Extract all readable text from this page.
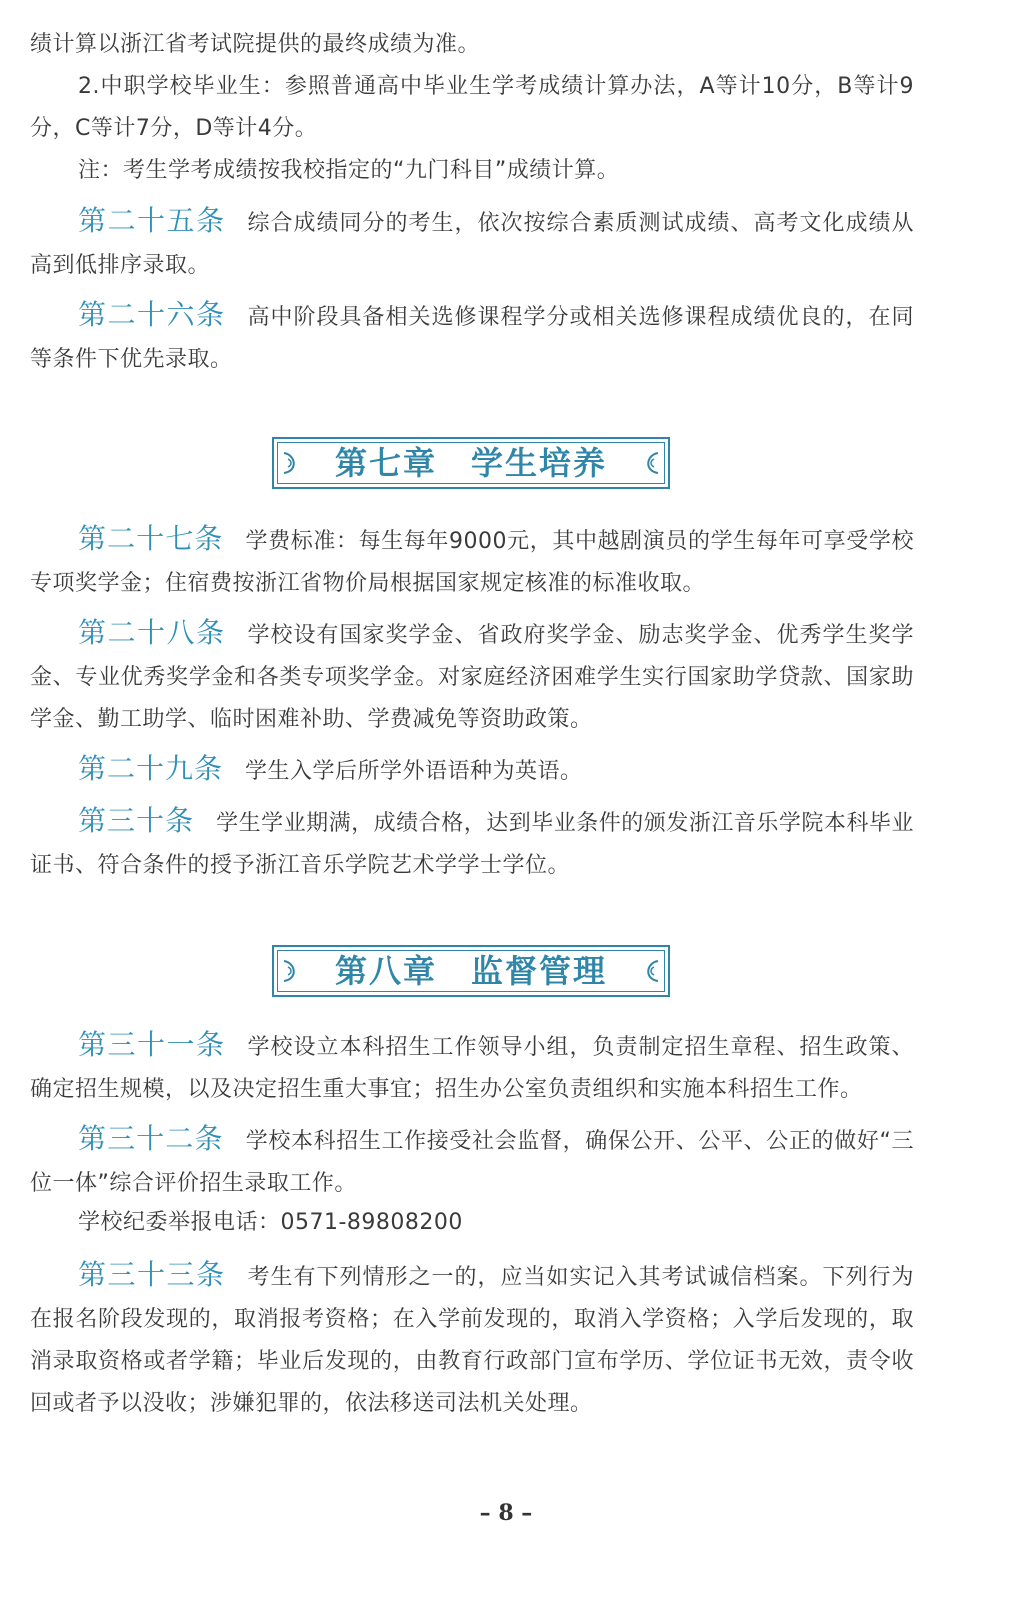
绩计算以浙江省考试院提供的最终成绩为准。

2.中职学校毕业生：参照普通高中毕业生学考成绩计算办法，A等计10分，B等计9分，C等计7分，D等计4分。

注：考生学考成绩按我校指定的“九门科目”成绩计算。

第二十五条 综合成绩同分的考生，依次按综合素质测试成绩、高考文化成绩从高到低排序录取。

第二十六条 高中阶段具备相关选修课程学分或相关选修课程成绩优良的，在同等条件下优先录取。

第七章　学生培养

第二十七条 学费标准：每生每年9000元，其中越剧演员的学生每年可享受学校专项奖学金；住宿费按浙江省物价局根据国家规定核准的标准收取。

第二十八条 学校设有国家奖学金、省政府奖学金、励志奖学金、优秀学生奖学金、专业优秀奖学金和各类专项奖学金。对家庭经济困难学生实行国家助学贷款、国家助学金、勤工助学、临时困难补助、学费减免等资助政策。

第二十九条 学生入学后所学外语语种为英语。

第三十条 学生学业期满，成绩合格，达到毕业条件的颁发浙江音乐学院本科毕业证书、符合条件的授予浙江音乐学院艺术学学士学位。

第八章　监督管理

第三十一条 学校设立本科招生工作领导小组，负责制定招生章程、招生政策、确定招生规模，以及决定招生重大事宜；招生办公室负责组织和实施本科招生工作。

第三十二条 学校本科招生工作接受社会监督，确保公开、公平、公正的做好“三位一体”综合评价招生录取工作。

学校纪委举报电话：0571-89808200

第三十三条 考生有下列情形之一的，应当如实记入其考试诚信档案。下列行为在报名阶段发现的，取消报考资格；在入学前发现的，取消入学资格；入学后发现的，取消录取资格或者学籍；毕业后发现的，由教育行政部门宣布学历、学位证书无效，责令收回或者予以没收；涉嫌犯罪的，依法移送司法机关处理。

– 8 –
